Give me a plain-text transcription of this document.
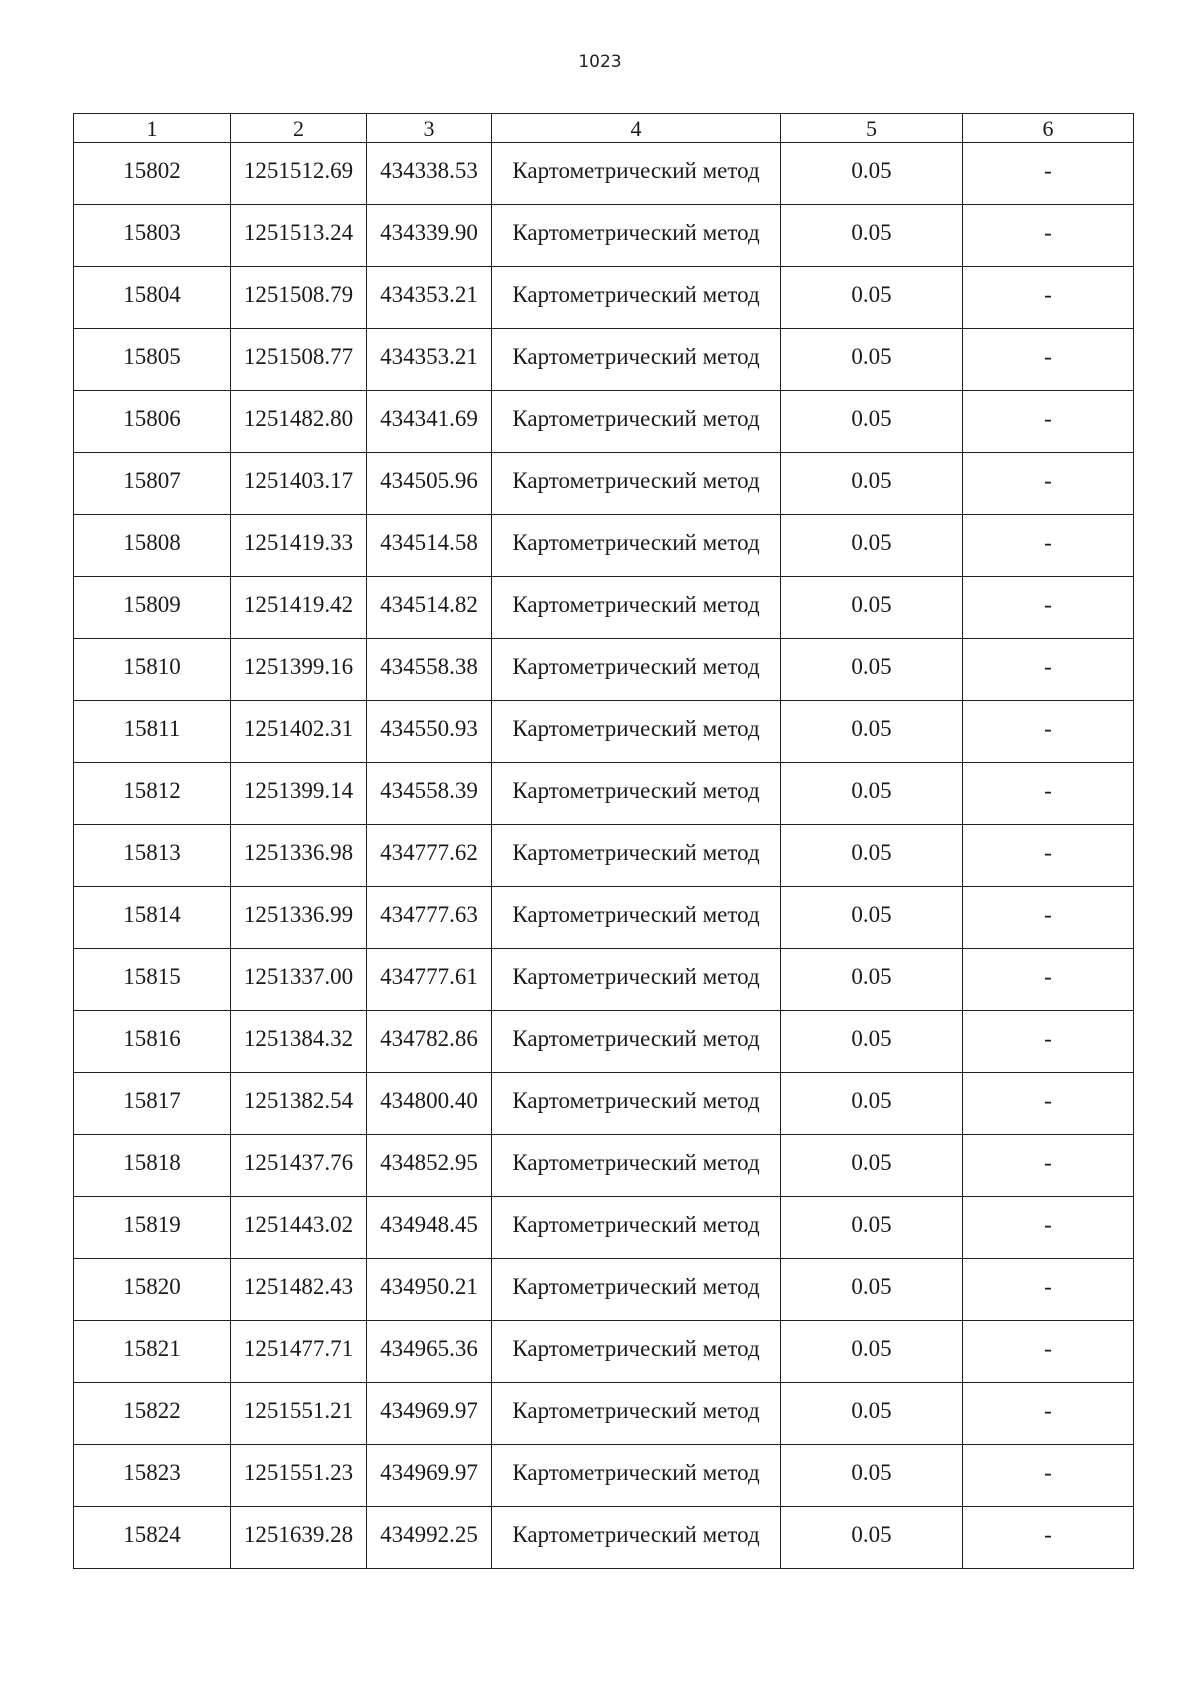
1023
1	2	3	4	5	6
15802	1251512.69	434338.53	Картометрический метод	0.05	-
15803	1251513.24	434339.90	Картометрический метод	0.05	-
15804	1251508.79	434353.21	Картометрический метод	0.05	-
15805	1251508.77	434353.21	Картометрический метод	0.05	-
15806	1251482.80	434341.69	Картометрический метод	0.05	-
15807	1251403.17	434505.96	Картометрический метод	0.05	-
15808	1251419.33	434514.58	Картометрический метод	0.05	-
15809	1251419.42	434514.82	Картометрический метод	0.05	-
15810	1251399.16	434558.38	Картометрический метод	0.05	-
15811	1251402.31	434550.93	Картометрический метод	0.05	-
15812	1251399.14	434558.39	Картометрический метод	0.05	-
15813	1251336.98	434777.62	Картометрический метод	0.05	-
15814	1251336.99	434777.63	Картометрический метод	0.05	-
15815	1251337.00	434777.61	Картометрический метод	0.05	-
15816	1251384.32	434782.86	Картометрический метод	0.05	-
15817	1251382.54	434800.40	Картометрический метод	0.05	-
15818	1251437.76	434852.95	Картометрический метод	0.05	-
15819	1251443.02	434948.45	Картометрический метод	0.05	-
15820	1251482.43	434950.21	Картометрический метод	0.05	-
15821	1251477.71	434965.36	Картометрический метод	0.05	-
15822	1251551.21	434969.97	Картометрический метод	0.05	-
15823	1251551.23	434969.97	Картометрический метод	0.05	-
15824	1251639.28	434992.25	Картометрический метод	0.05	-
